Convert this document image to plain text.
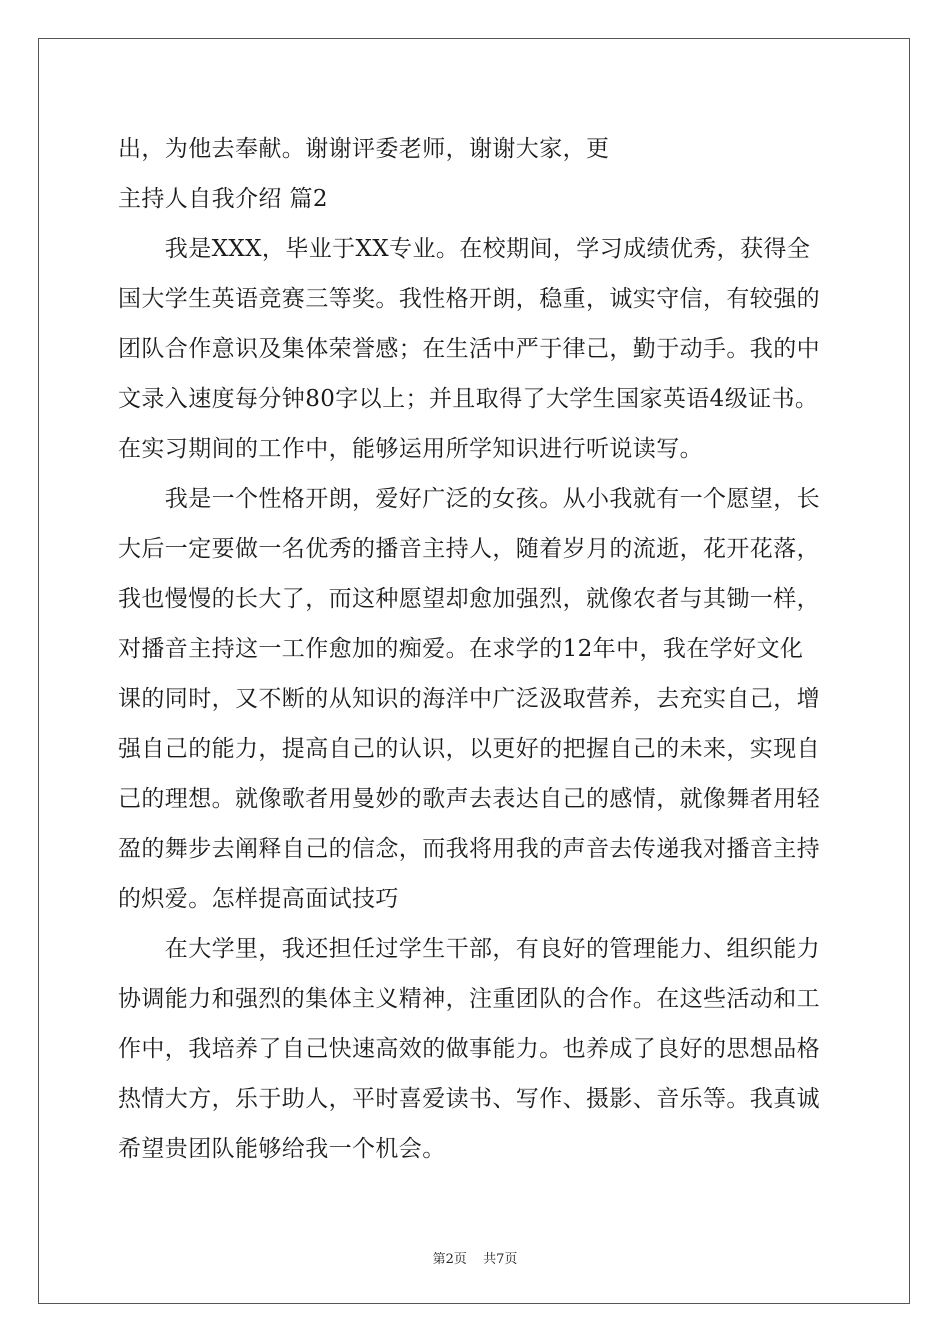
出，为他去奉献。谢谢评委老师，谢谢大家，更
主持人自我介绍 篇2
　　我是XXX，毕业于XX专业。在校期间，学习成绩优秀，获得全
国大学生英语竞赛三等奖。我性格开朗，稳重，诚实守信，有较强的
团队合作意识及集体荣誉感；在生活中严于律己，勤于动手。我的中
文录入速度每分钟80字以上；并且取得了大学生国家英语4级证书。
在实习期间的工作中，能够运用所学知识进行听说读写。
　　我是一个性格开朗，爱好广泛的女孩。从小我就有一个愿望，长
大后一定要做一名优秀的播音主持人，随着岁月的流逝，花开花落，
我也慢慢的长大了，而这种愿望却愈加强烈，就像农者与其锄一样，
对播音主持这一工作愈加的痴爱。在求学的12年中，我在学好文化
课的同时，又不断的从知识的海洋中广泛汲取营养，去充实自己，增
强自己的能力，提高自己的认识，以更好的把握自己的未来，实现自
己的理想。就像歌者用曼妙的歌声去表达自己的感情，就像舞者用轻
盈的舞步去阐释自己的信念，而我将用我的声音去传递我对播音主持
的炽爱。怎样提高面试技巧
　　在大学里，我还担任过学生干部，有良好的管理能力、组织能力
协调能力和强烈的集体主义精神，注重团队的合作。在这些活动和工
作中，我培养了自己快速高效的做事能力。也养成了良好的思想品格
热情大方，乐于助人，平时喜爱读书、写作、摄影、音乐等。我真诚
希望贵团队能够给我一个机会。
第2页 共7页
